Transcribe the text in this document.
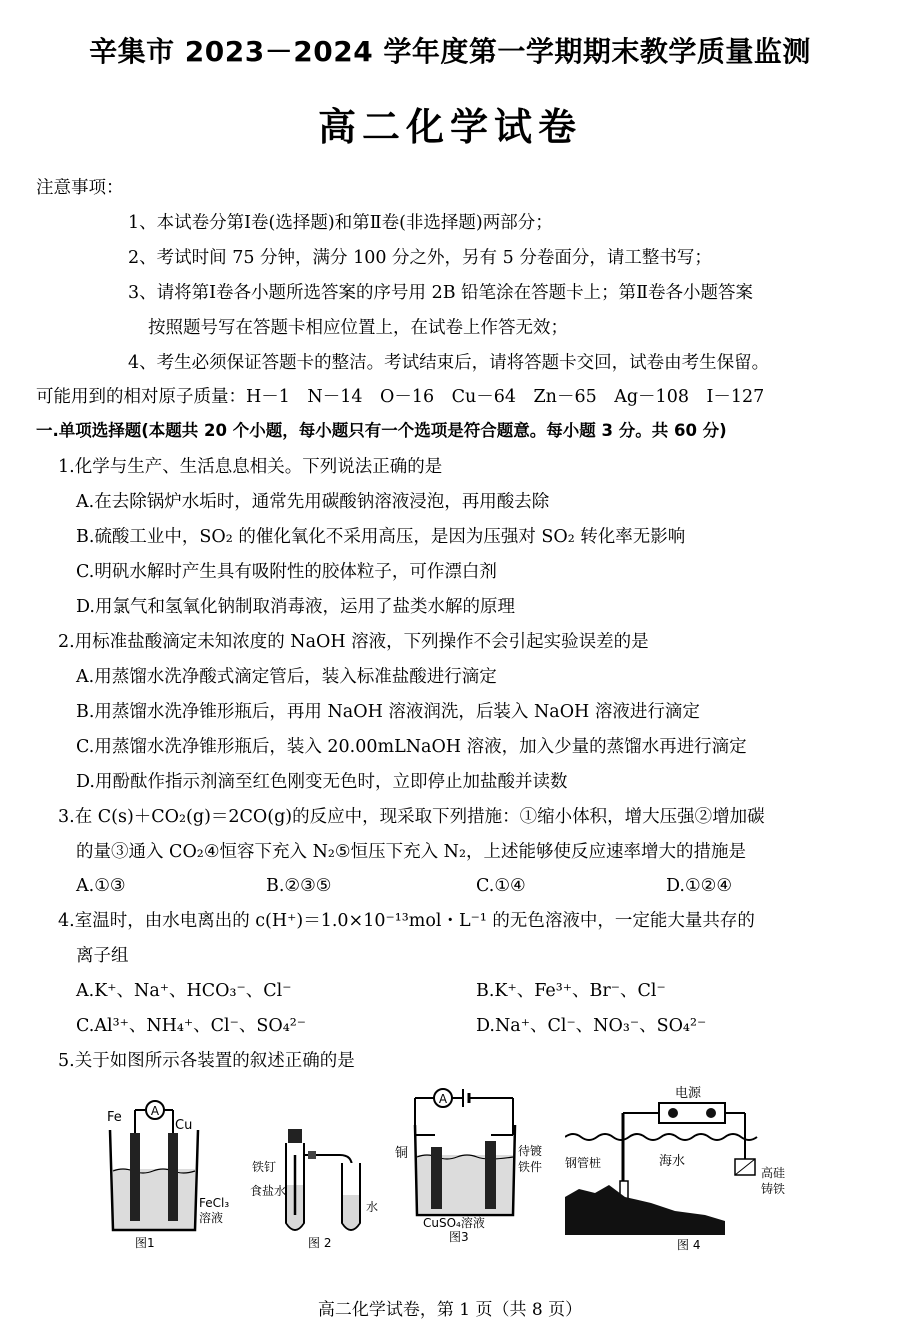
辛集市 2023－2024 学年度第一学期期末教学质量监测
高二化学试卷
注意事项：
1、本试卷分第Ⅰ卷(选择题)和第Ⅱ卷(非选择题)两部分；
2、考试时间 75 分钟，满分 100 分之外，另有 5 分卷面分，请工整书写；
3、请将第Ⅰ卷各小题所选答案的序号用 2B 铅笔涂在答题卡上；第Ⅱ卷各小题答案
按照题号写在答题卡相应位置上，在试卷上作答无效；
4、考生必须保证答题卡的整洁。考试结束后，请将答题卡交回，试卷由考生保留。
可能用到的相对原子质量：H－1　N－14　O－16　Cu－64　Zn－65　Ag－108　I－127
一.单项选择题(本题共 20 个小题，每小题只有一个选项是符合题意。每小题 3 分。共 60 分)
1.化学与生产、生活息息相关。下列说法正确的是
A.在去除锅炉水垢时，通常先用碳酸钠溶液浸泡，再用酸去除
B.硫酸工业中，SO₂ 的催化氧化不采用高压，是因为压强对 SO₂ 转化率无影响
C.明矾水解时产生具有吸附性的胶体粒子，可作漂白剂
D.用氯气和氢氧化钠制取消毒液，运用了盐类水解的原理
2.用标准盐酸滴定未知浓度的 NaOH 溶液，下列操作不会引起实验误差的是
A.用蒸馏水洗净酸式滴定管后，装入标准盐酸进行滴定
B.用蒸馏水洗净锥形瓶后，再用 NaOH 溶液润洗，后装入 NaOH 溶液进行滴定
C.用蒸馏水洗净锥形瓶后，装入 20.00mLNaOH 溶液，加入少量的蒸馏水再进行滴定
D.用酚酞作指示剂滴至红色刚变无色时，立即停止加盐酸并读数
3.在 C(s)＋CO₂(g)＝2CO(g)的反应中，现采取下列措施：①缩小体积，增大压强②增加碳
的量③通入 CO₂④恒容下充入 N₂⑤恒压下充入 N₂，上述能够使反应速率增大的措施是
A.①③	B.②③⑤	C.①④	D.①②④
4.室温时，由水电离出的 c(H⁺)＝1.0×10⁻¹³mol・L⁻¹ 的无色溶液中，一定能大量共存的
离子组
A.K⁺、Na⁺、HCO₃⁻、Cl⁻	B.K⁺、Fe³⁺、Br⁻、Cl⁻
C.Al³⁺、NH₄⁺、Cl⁻、SO₄²⁻	D.Na⁺、Cl⁻、NO₃⁻、SO₄²⁻
5.关于如图所示各装置的叙述正确的是
A
Fe
Cu
FeCl₃
溶液
图1
铁钉
食盐水
水
图 2
A
铜	待镀
铁件
CuSO₄溶液
图3
电源
海水
钢管桩
高硅
铸铁
图 4
高二化学试卷，第 1 页（共 8 页）
